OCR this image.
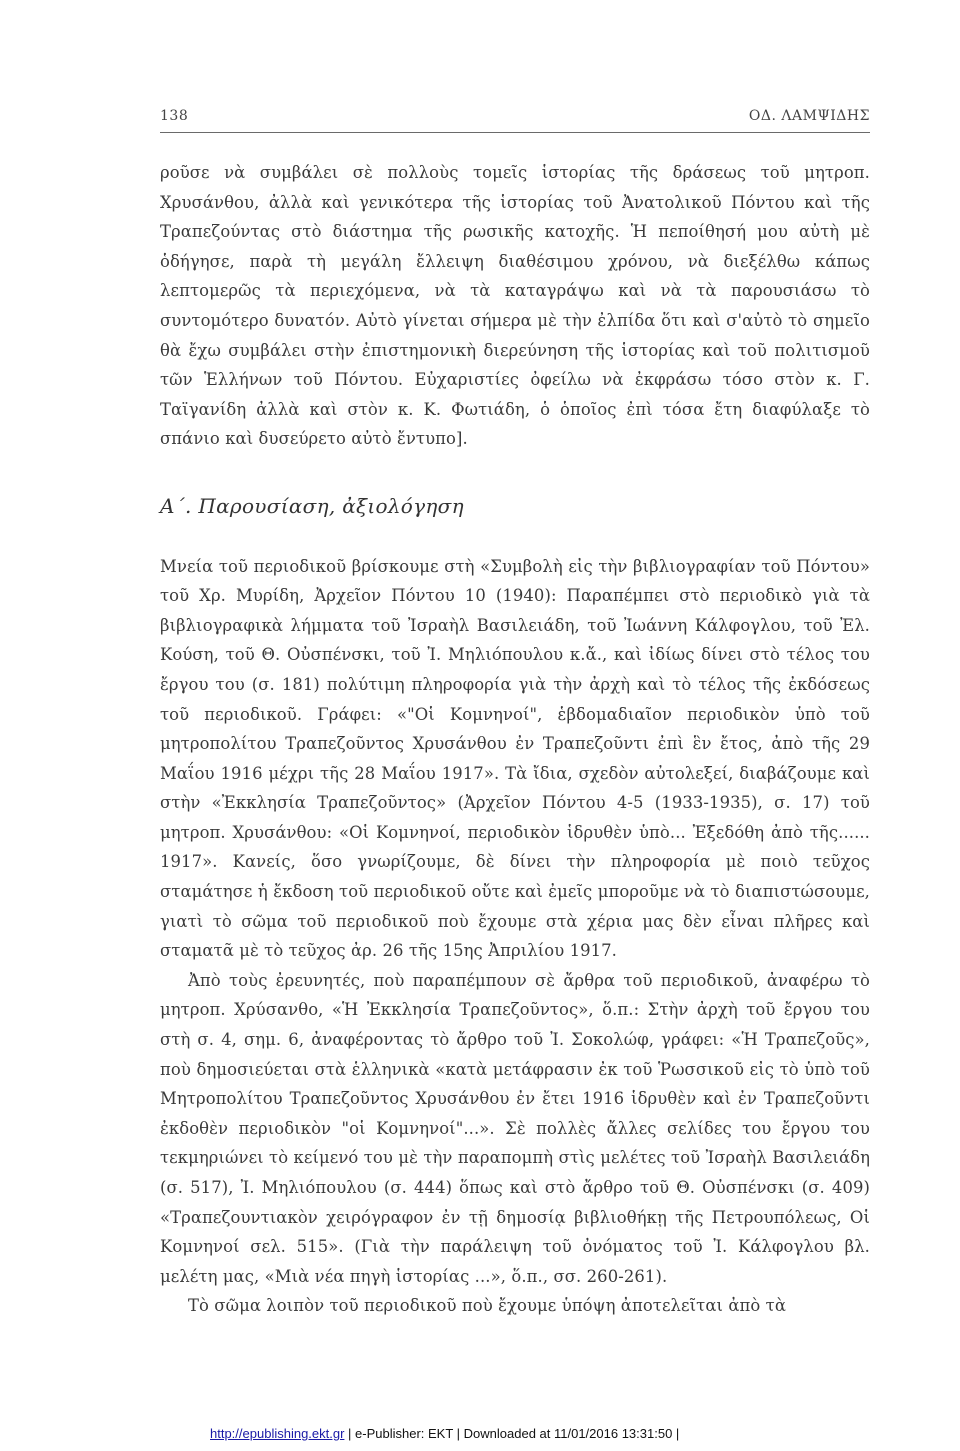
138	ΟΔ. ΛΑΜΨΙΔΗΣ

ροῦσε νὰ συμβάλει σὲ πολλοὺς τομεῖς ἱστορίας τῆς δράσεως τοῦ μητροπ. Χρυσάνθου, ἀλλὰ καὶ γενικότερα τῆς ἱστορίας τοῦ Ἀνατολικοῦ Πόντου καὶ τῆς Τραπεζούντας στὸ διάστημα τῆς ρωσικῆς κατοχῆς. Ἡ πεποίθησή μου αὐτὴ μὲ ὁδήγησε, παρὰ τὴ μεγάλη ἔλλειψη διαθέσιμου χρόνου, νὰ διεξέλθω κάπως λεπτομερῶς τὰ περιεχόμενα, νὰ τὰ καταγράψω καὶ νὰ τὰ παρουσιάσω τὸ συντομότερο δυνατόν. Αὐτὸ γίνεται σήμερα μὲ τὴν ἐλπίδα ὅτι καὶ σ'αὐτὸ τὸ σημεῖο θὰ ἔχω συμβάλει στὴν ἐπιστημονικὴ διερεύνηση τῆς ἱστορίας καὶ τοῦ πολιτισμοῦ τῶν Ἑλλήνων τοῦ Πόντου. Εὐχαριστίες ὀφείλω νὰ ἐκφράσω τόσο στὸν κ. Γ. Ταϊγανίδη ἀλλὰ καὶ στὸν κ. Κ. Φωτιάδη, ὁ ὁποῖος ἐπὶ τόσα ἔτη διαφύλαξε τὸ σπάνιο καὶ δυσεύρετο αὐτὸ ἔντυπο].

Α΄. Παρουσίαση, ἀξιολόγηση

Μνεία τοῦ περιοδικοῦ βρίσκουμε στὴ «Συμβολὴ εἰς τὴν βιβλιογραφίαν τοῦ Πόντου» τοῦ Χρ. Μυρίδη, Ἀρχεῖον Πόντου 10 (1940): Παραπέμπει στὸ περιοδικὸ γιὰ τὰ βιβλιογραφικὰ λήμματα τοῦ Ἰσραὴλ Βασιλειάδη, τοῦ Ἰωάννη Κάλφογλου, τοῦ Ἐλ. Κούση, τοῦ Θ. Οὐσπένσκι, τοῦ Ἰ. Μηλιόπουλου κ.ἄ., καὶ ἰδίως δίνει στὸ τέλος του ἔργου του (σ. 181) πολύτιμη πληροφορία γιὰ τὴν ἀρχὴ καὶ τὸ τέλος τῆς ἐκδόσεως τοῦ περιοδικοῦ. Γράφει: «"Οἱ Κομνηνοί", ἑβδομαδιαῖον περιοδικὸν ὑπὸ τοῦ μητροπολίτου Τραπεζοῦντος Χρυσάνθου ἐν Τραπεζοῦντι ἐπὶ ἓν ἔτος, ἀπὸ τῆς 29 Μαΐου 1916 μέχρι τῆς 28 Μαΐου 1917». Τὰ ἴδια, σχεδὸν αὐτολεξεί, διαβάζουμε καὶ στὴν «Ἐκκλησία Τραπεζοῦντος» (Ἀρχεῖον Πόντου 4-5 (1933-1935), σ. 17) τοῦ μητροπ. Χρυσάνθου: «Οἱ Κομνηνοί, περιοδικὸν ἱδρυθὲν ὑπὸ... Ἐξεδόθη ἀπὸ τῆς...... 1917». Κανείς, ὅσο γνωρίζουμε, δὲ δίνει τὴν πληροφορία μὲ ποιὸ τεῦχος σταμάτησε ἡ ἔκδοση τοῦ περιοδικοῦ οὔτε καὶ ἐμεῖς μποροῦμε νὰ τὸ διαπιστώσουμε, γιατὶ τὸ σῶμα τοῦ περιοδικοῦ ποὺ ἔχουμε στὰ χέρια μας δὲν εἶναι πλῆρες καὶ σταματᾶ μὲ τὸ τεῦχος ἀρ. 26 τῆς 15ης Ἀπριλίου 1917.

Ἀπὸ τοὺς ἐρευνητές, ποὺ παραπέμπουν σὲ ἄρθρα τοῦ περιοδικοῦ, ἀναφέρω τὸ μητροπ. Χρύσανθο, «Ἡ Ἐκκλησία Τραπεζοῦντος», ὅ.π.: Στὴν ἀρχὴ τοῦ ἔργου του στὴ σ. 4, σημ. 6, ἀναφέροντας τὸ ἄρθρο τοῦ Ἰ. Σοκολώφ, γράφει: «Ἡ Τραπεζοῦς», ποὺ δημοσιεύεται στὰ ἑλληνικὰ «κατὰ μετάφρασιν ἐκ τοῦ Ῥωσσικοῦ εἰς τὸ ὑπὸ τοῦ Μητροπολίτου Τραπεζοῦντος Χρυσάνθου ἐν ἔτει 1916 ἱδρυθὲν καὶ ἐν Τραπεζοῦντι ἐκδοθὲν περιοδικὸν "οἱ Κομνηνοί"...». Σὲ πολλὲς ἄλλες σελίδες του ἔργου του τεκμηριώνει τὸ κείμενό του μὲ τὴν παραπομπὴ στὶς μελέτες τοῦ Ἰσραὴλ Βασιλειάδη (σ. 517), Ἰ. Μηλιόπουλου (σ. 444) ὅπως καὶ στὸ ἄρθρο τοῦ Θ. Οὐσπένσκι (σ. 409) «Τραπεζουντιακὸν χειρόγραφον ἐν τῇ δημοσίᾳ βιβλιοθήκῃ τῆς Πετρουπόλεως, Οἱ Κομνηνοί σελ. 515». (Γιὰ τὴν παράλειψη τοῦ ὀνόματος τοῦ Ἰ. Κάλφογλου βλ. μελέτη μας, «Μιὰ νέα πηγὴ ἱστορίας ...», ὅ.π., σσ. 260-261).

Τὸ σῶμα λοιπὸν τοῦ περιοδικοῦ ποὺ ἔχουμε ὑπόψη ἀποτελεῖται ἀπὸ τὰ

http://epublishing.ekt.gr | e-Publisher: EKT | Downloaded at 11/01/2016 13:31:50 |
